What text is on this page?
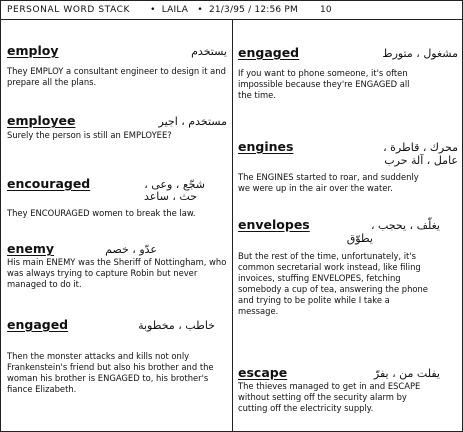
PERSONAL WORD STACK • LAILA • 21/3/95 / 12:56 PM 10
employ	يستخدم

They EMPLOY a consultant engineer to design it and prepare all the plans.

employee	مستخدم ، اجير

Surely the person is still an EMPLOYEE?

encouraged	شجّع ، وعى ،
حث ، ساعد

They ENCOURAGED women to break the law.

enemy	عدّو ، خصم

His main ENEMY was the Sheriff of Nottingham, who was always trying to capture Robin but never managed to do it.

engaged	خاطب ، مخطوبة

Then the monster attacks and kills not only Frankenstein's friend but also his brother and the woman his brother is ENGAGED to, his brother's fiance Elizabeth.

engaged	مشغول ، متورط

If you want to phone someone, it's often impossible because they're ENGAGED all the time.

engines	محرك ، قاطرة ،
عامل ، آلة حرب

The ENGINES started to roar, and suddenly we were up in the air over the water.

envelopes	يغلّف ، يحجب ،
يطوّق

But the rest of the time, unfortunately, it's common secretarial work instead, like filing invoices, stuffing ENVELOPES, fetching somebody a cup of tea, answering the phone and trying to be polite while I take a message.

escape	يفلت من ، يفرّ

The thieves managed to get in and ESCAPE without setting off the security alarm by cutting off the electricity supply.
